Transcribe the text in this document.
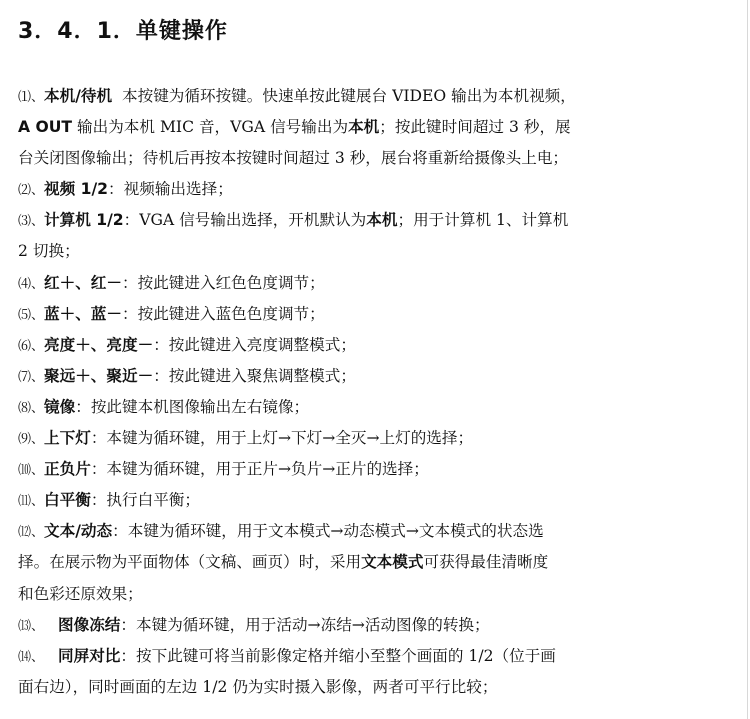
3．4．1．单键操作
⑴、本机/待机 本按键为循环按键。快速单按此键展台 VIDEO 输出为本机视频，
A OUT 输出为本机 MIC 音，VGA 信号输出为本机；按此键时间超过 3 秒，展
台关闭图像输出；待机后再按本按键时间超过 3 秒，展台将重新给摄像头上电；
⑵、视频 1/2：视频输出选择；
⑶、计算机 1/2：VGA 信号输出选择，开机默认为本机；用于计算机 1、计算机
2 切换；
⑷、红＋、红－：按此键进入红色色度调节；
⑸、蓝＋、蓝－：按此键进入蓝色色度调节；
⑹、亮度＋、亮度－：按此键进入亮度调整模式；
⑺、聚远＋、聚近－：按此键进入聚焦调整模式；
⑻、镜像：按此键本机图像输出左右镜像；
⑼、上下灯：本键为循环键，用于上灯→下灯→全灭→上灯的选择；
⑽、正负片：本键为循环键，用于正片→负片→正片的选择；
⑾、白平衡：执行白平衡；
⑿、文本/动态：本键为循环键，用于文本模式→动态模式→文本模式的状态选
择。在展示物为平面物体（文稿、画页）时，采用文本模式可获得最佳清晰度
和色彩还原效果；
⒀、 图像冻结：本键为循环键，用于活动→冻结→活动图像的转换；
⒁、 同屏对比：按下此键可将当前影像定格并缩小至整个画面的 1/2（位于画
面右边），同时画面的左边 1/2 仍为实时摄入影像，两者可平行比较；
